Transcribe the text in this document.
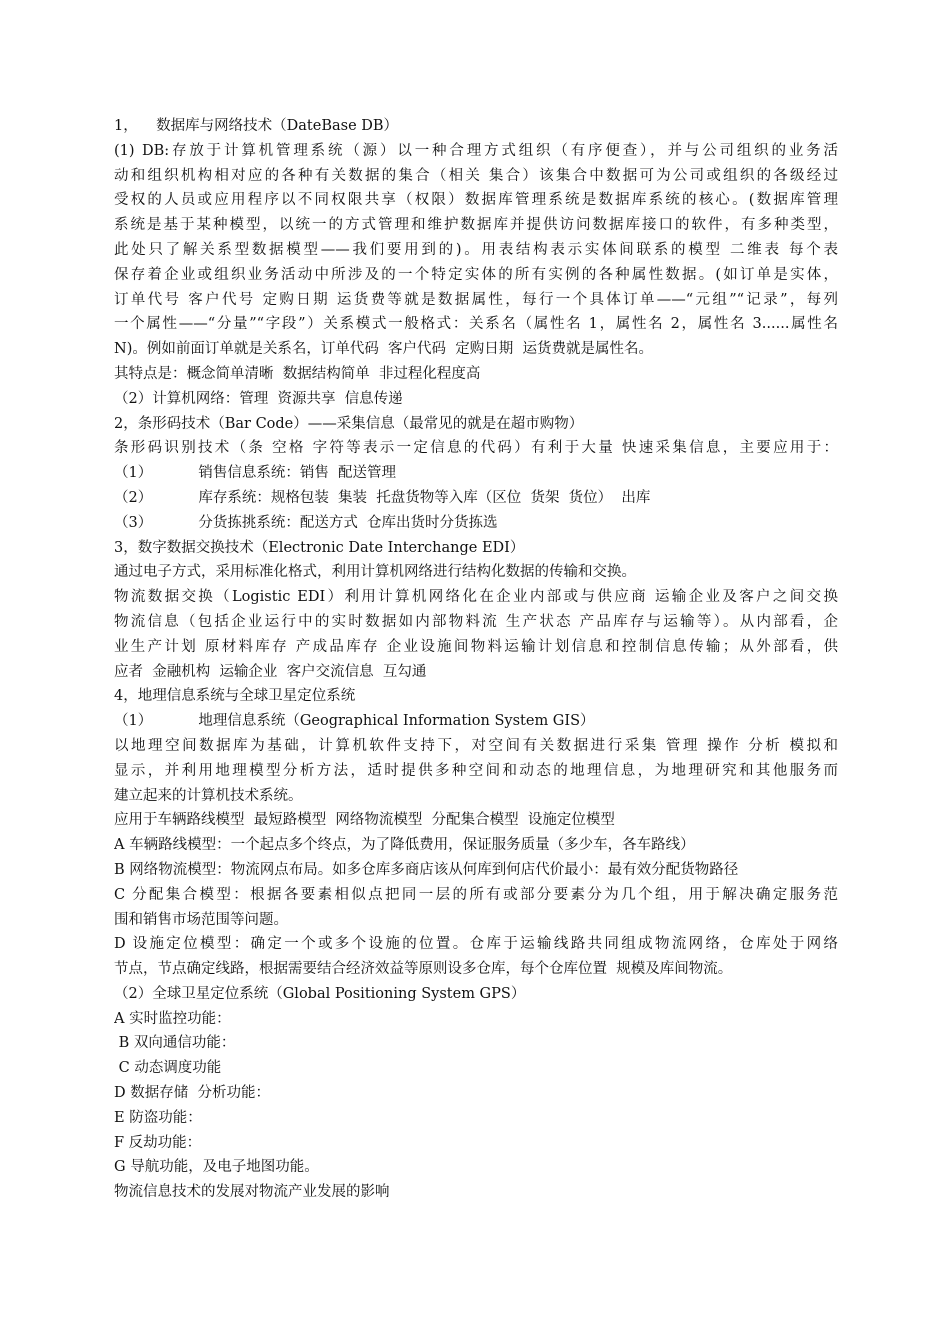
1，    数据库与网络技术（DateBase DB）
(1) DB:存放于计算机管理系统（源）以一种合理方式组织（有序便查），并与公司组织的业务活
动和组织机构相对应的各种有关数据的集合（相关 集合）该集合中数据可为公司或组织的各级经过
受权的人员或应用程序以不同权限共享（权限）数据库管理系统是数据库系统的核心。(数据库管理
系统是基于某种模型，以统一的方式管理和维护数据库并提供访问数据库接口的软件，有多种类型，
此处只了解关系型数据模型——我们要用到的)。用表结构表示实体间联系的模型 二维表 每个表
保存着企业或组织业务活动中所涉及的一个特定实体的所有实例的各种属性数据。(如订单是实体，
订单代号 客户代号 定购日期 运货费等就是数据属性，每行一个具体订单——“元组”“记录”，每列
一个属性——“分量”“字段”）关系模式一般格式：关系名（属性名 1，属性名 2，属性名 3......属性名
N)。例如前面订单就是关系名，订单代码  客户代码  定购日期  运货费就是属性名。
其特点是：概念简单清晰  数据结构简单  非过程化程度高
（2）计算机网络：管理  资源共享  信息传递
2，条形码技术（Bar Code）——采集信息（最常见的就是在超市购物）
条形码识别技术（条 空格 字符等表示一定信息的代码）有利于大量 快速采集信息，主要应用于：
（1）          销售信息系统：销售  配送管理
（2）          库存系统：规格包装  集装  托盘货物等入库（区位  货架  货位）  出库
（3）          分货拣挑系统：配送方式  仓库出货时分货拣选
3，数字数据交换技术（Electronic Date Interchange EDI）
通过电子方式，采用标准化格式，利用计算机网络进行结构化数据的传输和交换。
物流数据交换（Logistic EDI）利用计算机网络化在企业内部或与供应商 运输企业及客户之间交换
物流信息（包括企业运行中的实时数据如内部物料流 生产状态 产品库存与运输等）。从内部看，企
业生产计划 原材料库存 产成品库存 企业设施间物料运输计划信息和控制信息传输；从外部看，供
应者  金融机构  运输企业  客户交流信息  互勾通
4，地理信息系统与全球卫星定位系统
（1）          地理信息系统（Geographical Information System GIS）
以地理空间数据库为基础，计算机软件支持下，对空间有关数据进行采集 管理 操作 分析 模拟和
显示，并利用地理模型分析方法，适时提供多种空间和动态的地理信息，为地理研究和其他服务而
建立起来的计算机技术系统。
应用于车辆路线模型  最短路模型  网络物流模型  分配集合模型  设施定位模型
A 车辆路线模型：一个起点多个终点，为了降低费用，保证服务质量（多少车，各车路线）
B 网络物流模型：物流网点布局。如多仓库多商店该从何库到何店代价最小：最有效分配货物路径
C 分配集合模型：根据各要素相似点把同一层的所有或部分要素分为几个组，用于解决确定服务范
围和销售市场范围等问题。
D 设施定位模型：确定一个或多个设施的位置。仓库于运输线路共同组成物流网络，仓库处于网络
节点，节点确定线路，根据需要结合经济效益等原则设多仓库，每个仓库位置  规模及库间物流。
（2）全球卫星定位系统（Global Positioning System GPS）
A 实时监控功能：
B 双向通信功能：
C 动态调度功能
D 数据存储  分析功能：
E 防盗功能：
F 反劫功能：
G 导航功能，及电子地图功能。
物流信息技术的发展对物流产业发展的影响
